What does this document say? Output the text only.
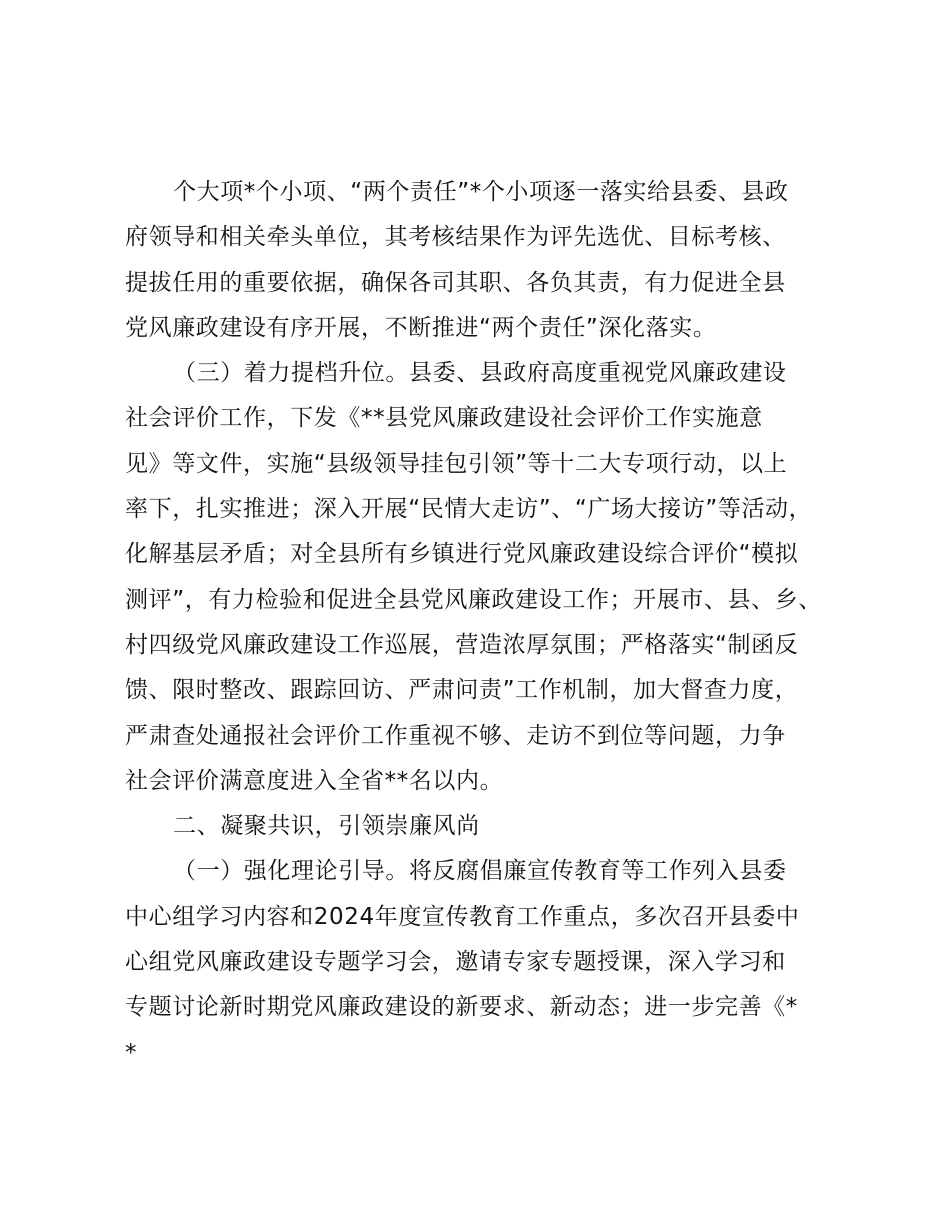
个大项*个小项、“两个责任”*个小项逐一落实给县委、县政
府领导和相关牵头单位，其考核结果作为评先选优、目标考核、
提拔任用的重要依据，确保各司其职、各负其责，有力促进全县
党风廉政建设有序开展，不断推进“两个责任”深化落实。
（三）着力提档升位。县委、县政府高度重视党风廉政建设
社会评价工作，下发《**县党风廉政建设社会评价工作实施意
见》等文件，实施“县级领导挂包引领”等十二大专项行动，以上
率下，扎实推进；深入开展“民情大走访”、“广场大接访”等活动，
化解基层矛盾；对全县所有乡镇进行党风廉政建设综合评价“模拟
测评”，有力检验和促进全县党风廉政建设工作；开展市、县、乡、
村四级党风廉政建设工作巡展，营造浓厚氛围；严格落实“制函反
馈、限时整改、跟踪回访、严肃问责”工作机制，加大督查力度，
严肃查处通报社会评价工作重视不够、走访不到位等问题，力争
社会评价满意度进入全省**名以内。
二、凝聚共识，引领崇廉风尚
（一）强化理论引导。将反腐倡廉宣传教育等工作列入县委
中心组学习内容和2024年度宣传教育工作重点，多次召开县委中
心组党风廉政建设专题学习会，邀请专家专题授课，深入学习和
专题讨论新时期党风廉政建设的新要求、新动态；进一步完善《*
*
